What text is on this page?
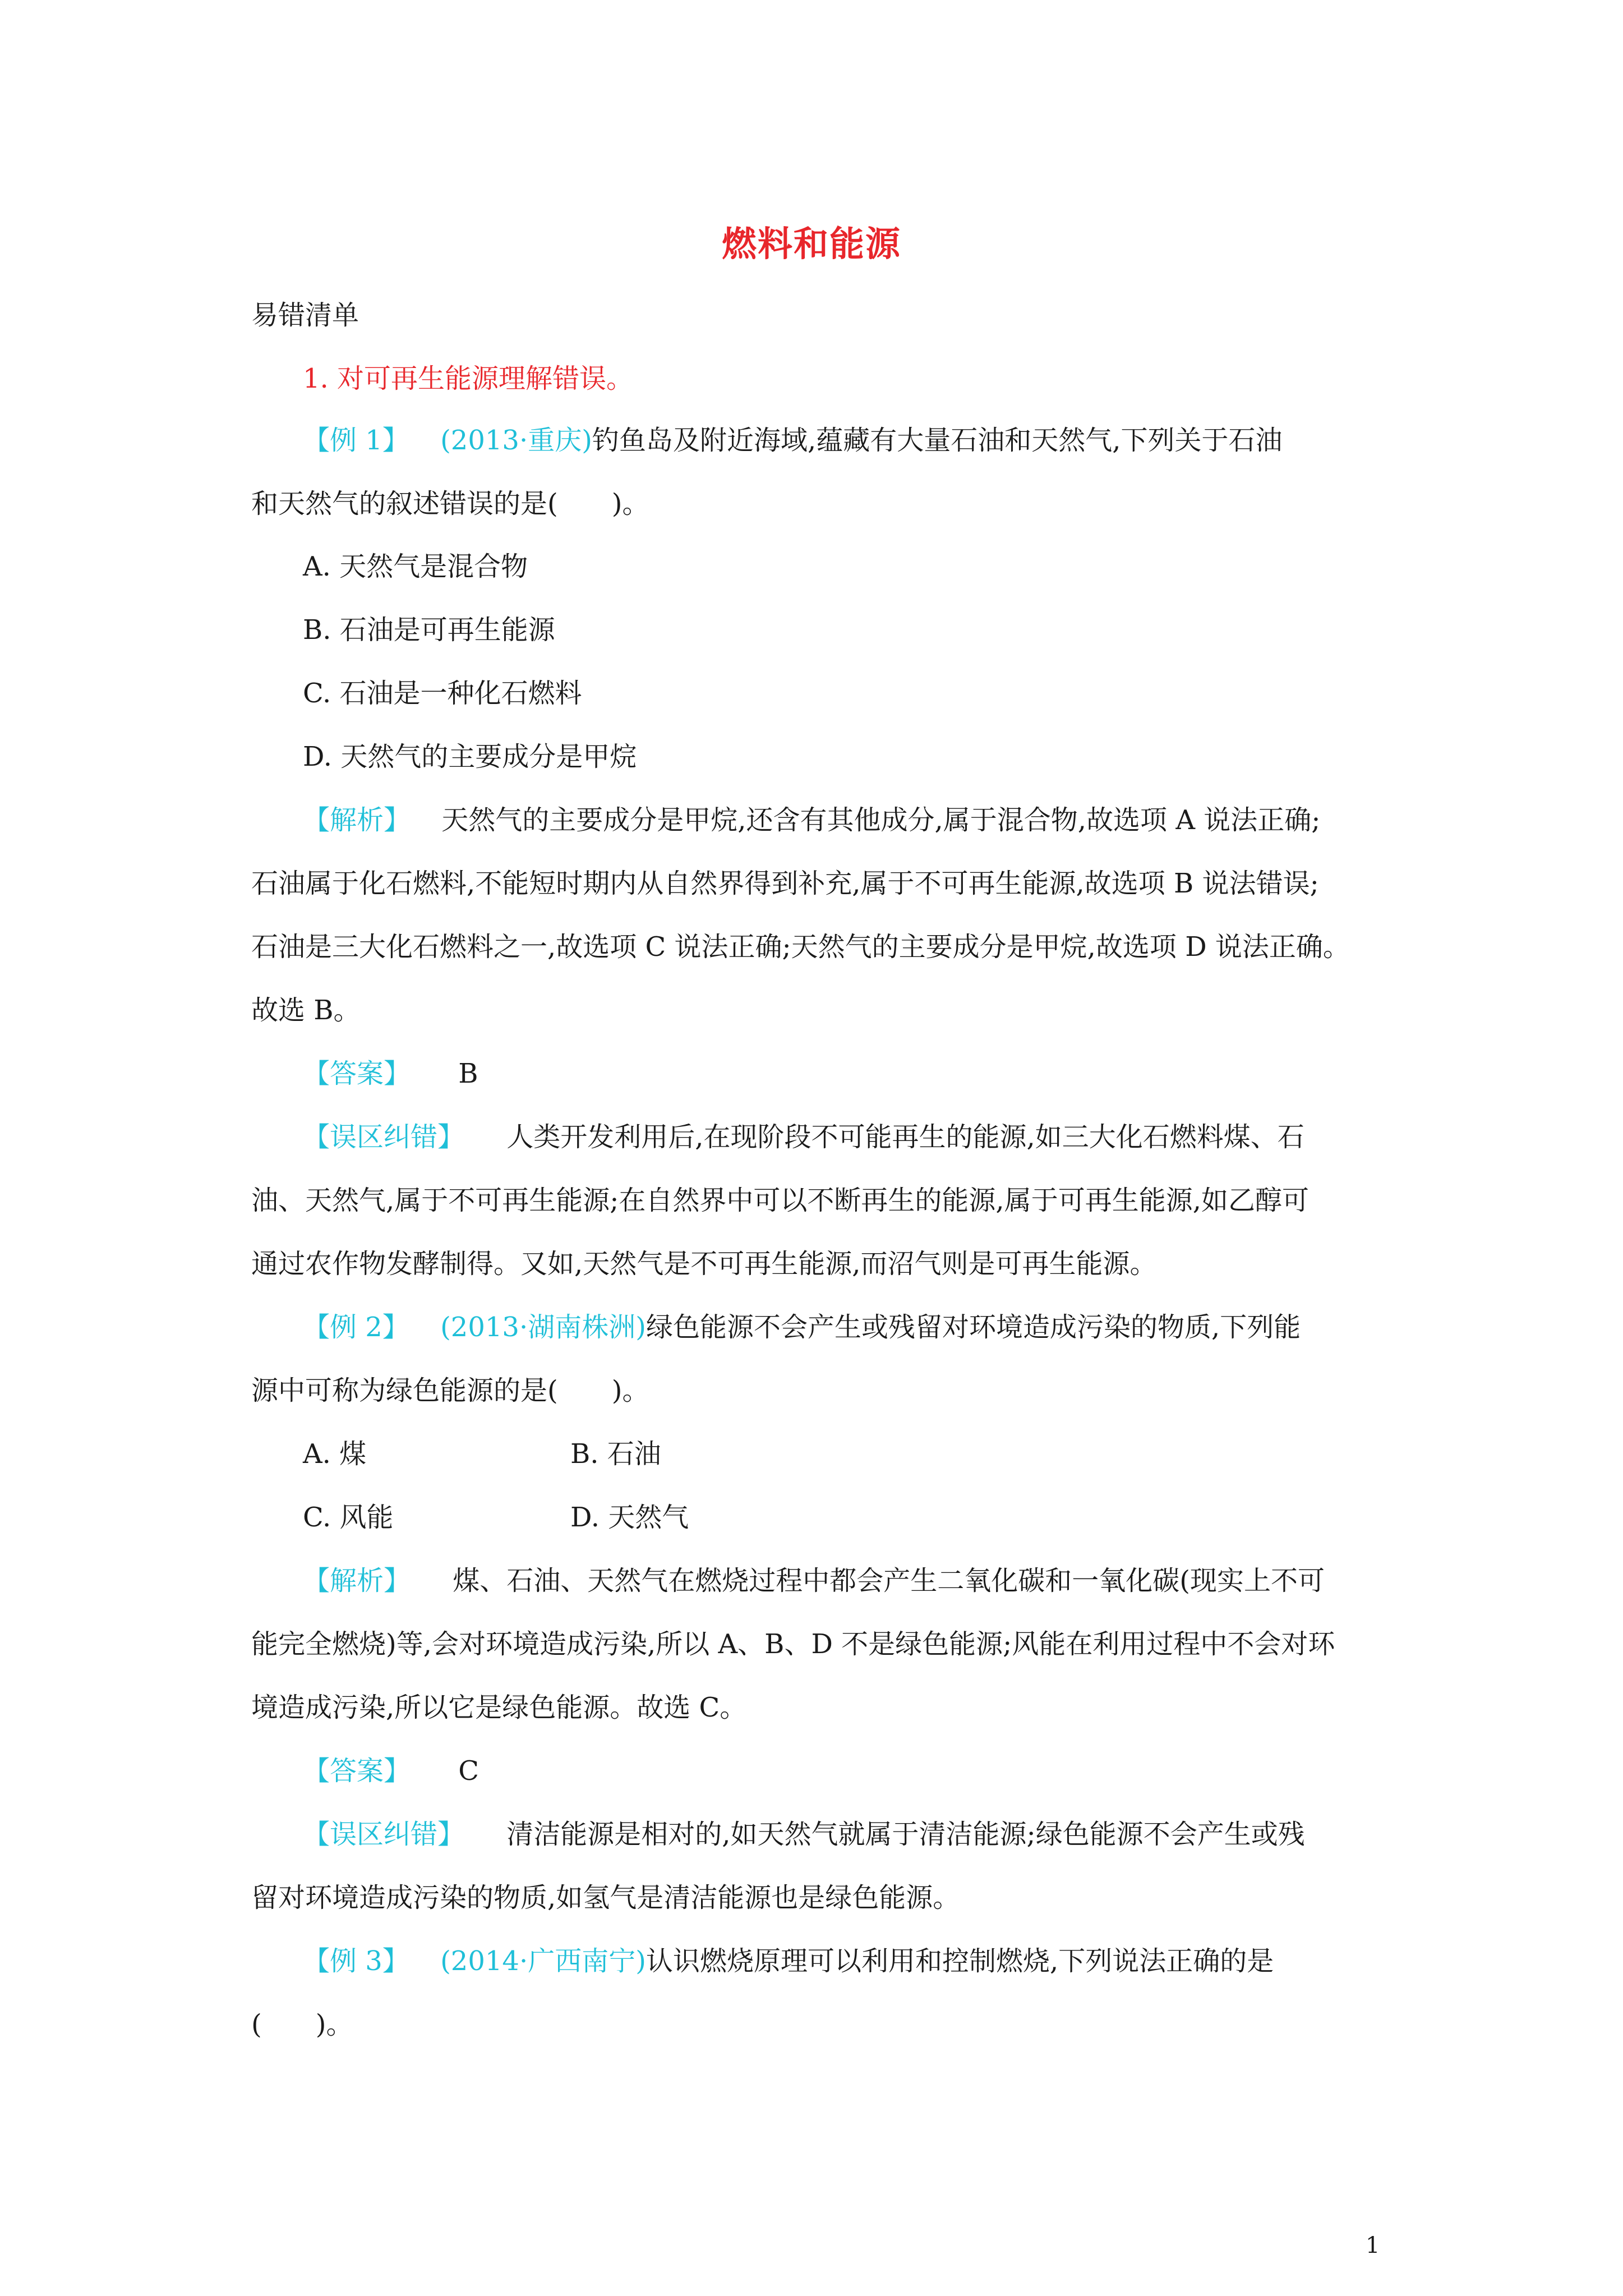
燃料和能源
易错清单
1. 对可再生能源理解错误。
【例 1】 (2013·重庆)钓鱼岛及附近海域,蕴藏有大量石油和天然气,下列关于石油
和天然气的叙述错误的是(　　)。
A. 天然气是混合物
B. 石油是可再生能源
C. 石油是一种化石燃料
D. 天然气的主要成分是甲烷
【解析】 天然气的主要成分是甲烷,还含有其他成分,属于混合物,故选项 A 说法正确;
石油属于化石燃料,不能短时期内从自然界得到补充,属于不可再生能源,故选项 B 说法错误;
石油是三大化石燃料之一,故选项 C 说法正确;天然气的主要成分是甲烷,故选项 D 说法正确。
故选 B。
【答案】 B
【误区纠错】 人类开发利用后,在现阶段不可能再生的能源,如三大化石燃料煤、石
油、天然气,属于不可再生能源;在自然界中可以不断再生的能源,属于可再生能源,如乙醇可
通过农作物发酵制得。又如,天然气是不可再生能源,而沼气则是可再生能源。
【例 2】 (2013·湖南株洲)绿色能源不会产生或残留对环境造成污染的物质,下列能
源中可称为绿色能源的是(　　)。
A. 煤	B. 石油
C. 风能	D. 天然气
【解析】 煤、石油、天然气在燃烧过程中都会产生二氧化碳和一氧化碳(现实上不可
能完全燃烧)等,会对环境造成污染,所以 A、B、D 不是绿色能源;风能在利用过程中不会对环
境造成污染,所以它是绿色能源。故选 C。
【答案】 C
【误区纠错】 清洁能源是相对的,如天然气就属于清洁能源;绿色能源不会产生或残
留对环境造成污染的物质,如氢气是清洁能源也是绿色能源。
【例 3】 (2014·广西南宁)认识燃烧原理可以利用和控制燃烧,下列说法正确的是
(　　)。
1
